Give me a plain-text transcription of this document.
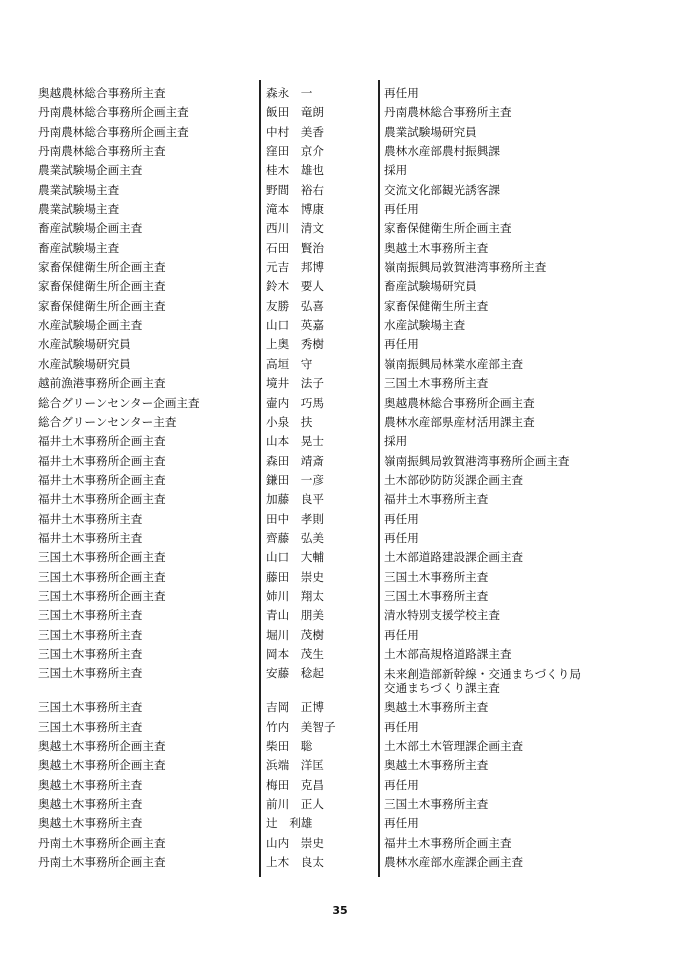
奥越農林総合事務所主査	森永　一	再任用
丹南農林総合事務所企画主査	飯田　竜朗	丹南農林総合事務所主査
丹南農林総合事務所企画主査	中村　美香	農業試験場研究員
丹南農林総合事務所主査	窪田　京介	農林水産部農村振興課
農業試験場企画主査	桂木　雄也	採用
農業試験場主査	野間　裕右	交流文化部観光誘客課
農業試験場主査	滝本　博康	再任用
畜産試験場企画主査	西川　清文	家畜保健衛生所企画主査
畜産試験場主査	石田　賢治	奥越土木事務所主査
家畜保健衛生所企画主査	元吉　邦博	嶺南振興局敦賀港湾事務所主査
家畜保健衛生所企画主査	鈴木　要人	畜産試験場研究員
家畜保健衛生所企画主査	友勝　弘喜	家畜保健衛生所主査
水産試験場企画主査	山口　英嘉	水産試験場主査
水産試験場研究員	上奥　秀樹	再任用
水産試験場研究員	高垣　守	嶺南振興局林業水産部主査
越前漁港事務所企画主査	境井　法子	三国土木事務所主査
総合グリーンセンター企画主査	壷内　巧馬	奥越農林総合事務所企画主査
総合グリーンセンター主査	小泉　扶	農林水産部県産材活用課主査
福井土木事務所企画主査	山本　晃士	採用
福井土木事務所企画主査	森田　靖斎	嶺南振興局敦賀港湾事務所企画主査
福井土木事務所企画主査	鎌田　一彦	土木部砂防防災課企画主査
福井土木事務所企画主査	加藤　良平	福井土木事務所主査
福井土木事務所主査	田中　孝則	再任用
福井土木事務所主査	齊藤　弘美	再任用
三国土木事務所企画主査	山口　大輔	土木部道路建設課企画主査
三国土木事務所企画主査	藤田　崇史	三国土木事務所主査
三国土木事務所企画主査	姉川　翔太	三国土木事務所主査
三国土木事務所主査	青山　朋美	清水特別支援学校主査
三国土木事務所主査	堀川　茂樹	再任用
三国土木事務所主査	岡本　茂生	土木部高規格道路課主査
三国土木事務所主査	安藤　稔起	未来創造部新幹線・交通まちづくり局
交通まちづくり課主査
三国土木事務所主査	吉岡　正博	奥越土木事務所主査
三国土木事務所主査	竹内　美智子	再任用
奥越土木事務所企画主査	柴田　聡	土木部土木管理課企画主査
奥越土木事務所企画主査	浜端　洋匡	奥越土木事務所主査
奥越土木事務所主査	梅田　克昌	再任用
奥越土木事務所主査	前川　正人	三国土木事務所主査
奥越土木事務所主査	辻　利雄	再任用
丹南土木事務所企画主査	山内　崇史	福井土木事務所企画主査
丹南土木事務所企画主査	上木　良太	農林水産部水産課企画主査
35
